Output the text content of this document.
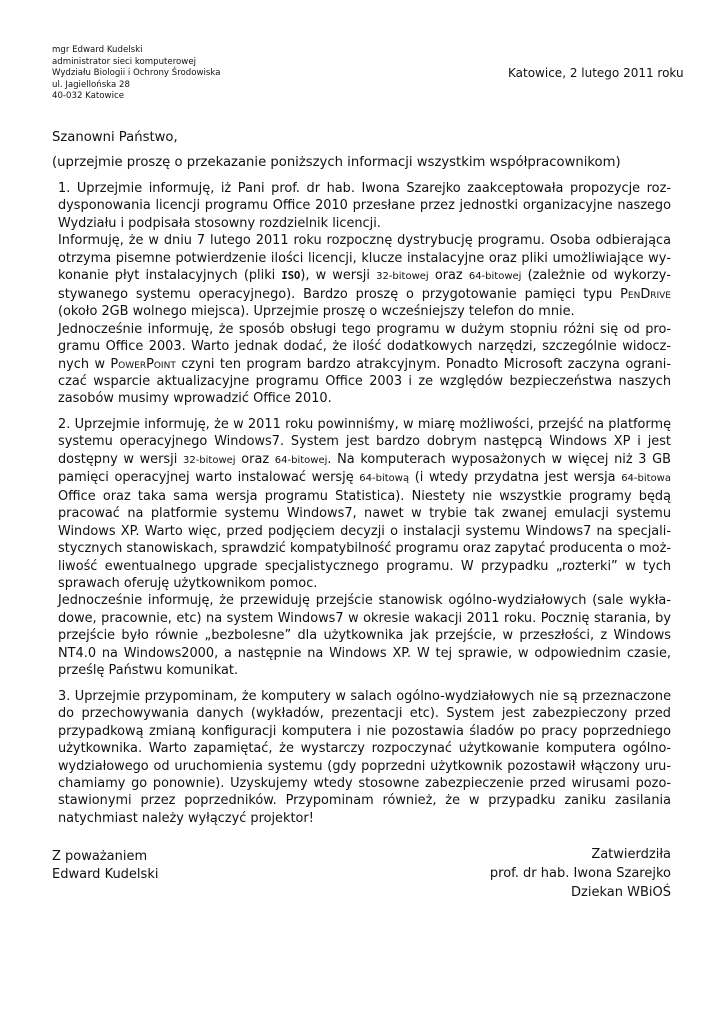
mgr Edward Kudelski
administrator sieci komputerowej
Wydziału Biologii i Ochrony Środowiska
ul. Jagiellońska 28
40-032 Katowice
Katowice, 2 lutego 2011 roku
Szanowni Państwo,
(uprzejmie proszę o przekazanie poniższych informacji wszystkim współpracownikom)

1. Uprzejmie informuję, iż Pani prof. dr hab. Iwona Szarejko zaakceptowała propozycje rozdysponowania licencji programu Office 2010 przesłane przez jednostki organizacyjne naszego Wydziału i podpisała stosowny rozdzielnik licencji.

Informuję, że w dniu 7 lutego 2011 roku rozpocznę dystrybucję programu. Osoba odbierająca otrzyma pisemne potwierdzenie ilości licencji, klucze instalacyjne oraz pliki umożliwiające wykonanie płyt instalacyjnych (pliki ISO), w wersji 32-bitowej oraz 64-bitowej (zależnie od wykorzystywanego systemu operacyjnego). Bardzo proszę o przygotowanie pamięci typu PenDrive (około 2GB wolnego miejsca). Uprzejmie proszę o wcześniejszy telefon do mnie.

Jednocześnie informuję, że sposób obsługi tego programu w dużym stopniu różni się od programu Office 2003. Warto jednak dodać, że ilość dodatkowych narzędzi, szczególnie widocznych w PowerPoint czyni ten program bardzo atrakcyjnym. Ponadto Microsoft zaczyna ograniczać wsparcie aktualizacyjne programu Office 2003 i ze względów bezpieczeństwa naszych zasobów musimy wprowadzić Office 2010.

2. Uprzejmie informuję, że w 2011 roku powinniśmy, w miarę możliwości, przejść na platformę systemu operacyjnego Windows7. System jest bardzo dobrym następcą Windows XP i jest dostępny w wersji 32-bitowej oraz 64-bitowej. Na komputerach wyposażonych w więcej niż 3 GB pamięci operacyjnej warto instalować wersję 64-bitową (i wtedy przydatna jest wersja 64-bitowa Office oraz taka sama wersja programu Statistica). Niestety nie wszystkie programy będą pracować na platformie systemu Windows7, nawet w trybie tak zwanej emulacji systemu Windows XP. Warto więc, przed podjęciem decyzji o instalacji systemu Windows7 na specjalistycznych stanowiskach, sprawdzić kompatybilność programu oraz zapytać producenta o możliwość ewentualnego upgrade specjalistycznego programu. W przypadku „rozterki” w tych sprawach oferuję użytkownikom pomoc.

Jednocześnie informuję, że przewiduję przejście stanowisk ogólno-wydziałowych (sale wykładowe, pracownie, etc) na system Windows7 w okresie wakacji 2011 roku. Pocznię starania, by przejście było równie „bezbolesne” dla użytkownika jak przejście, w przeszłości, z Windows NT4.0 na Windows2000, a następnie na Windows XP. W tej sprawie, w odpowiednim czasie, prześlę Państwu komunikat.

3. Uprzejmie przypominam, że komputery w salach ogólno-wydziałowych nie są przeznaczone do przechowywania danych (wykładów, prezentacji etc). System jest zabezpieczony przed przypadkową zmianą konfiguracji komputera i nie pozostawia śladów po pracy poprzedniego użytkownika. Warto zapamiętać, że wystarczy rozpoczynać użytkowanie komputera ogólnowydziałowego od uruchomienia systemu (gdy poprzedni użytkownik pozostawił włączony uruchamiamy go ponownie). Uzyskujemy wtedy stosowne zabezpieczenie przed wirusami pozostawionymi przez poprzedników. Przypominam również, że w przypadku zaniku zasilania natychmiast należy wyłączyć projektor!

Z poważaniem
Edward Kudelski
Zatwierdziła
prof. dr hab. Iwona Szarejko
Dziekan WBiOŚ
